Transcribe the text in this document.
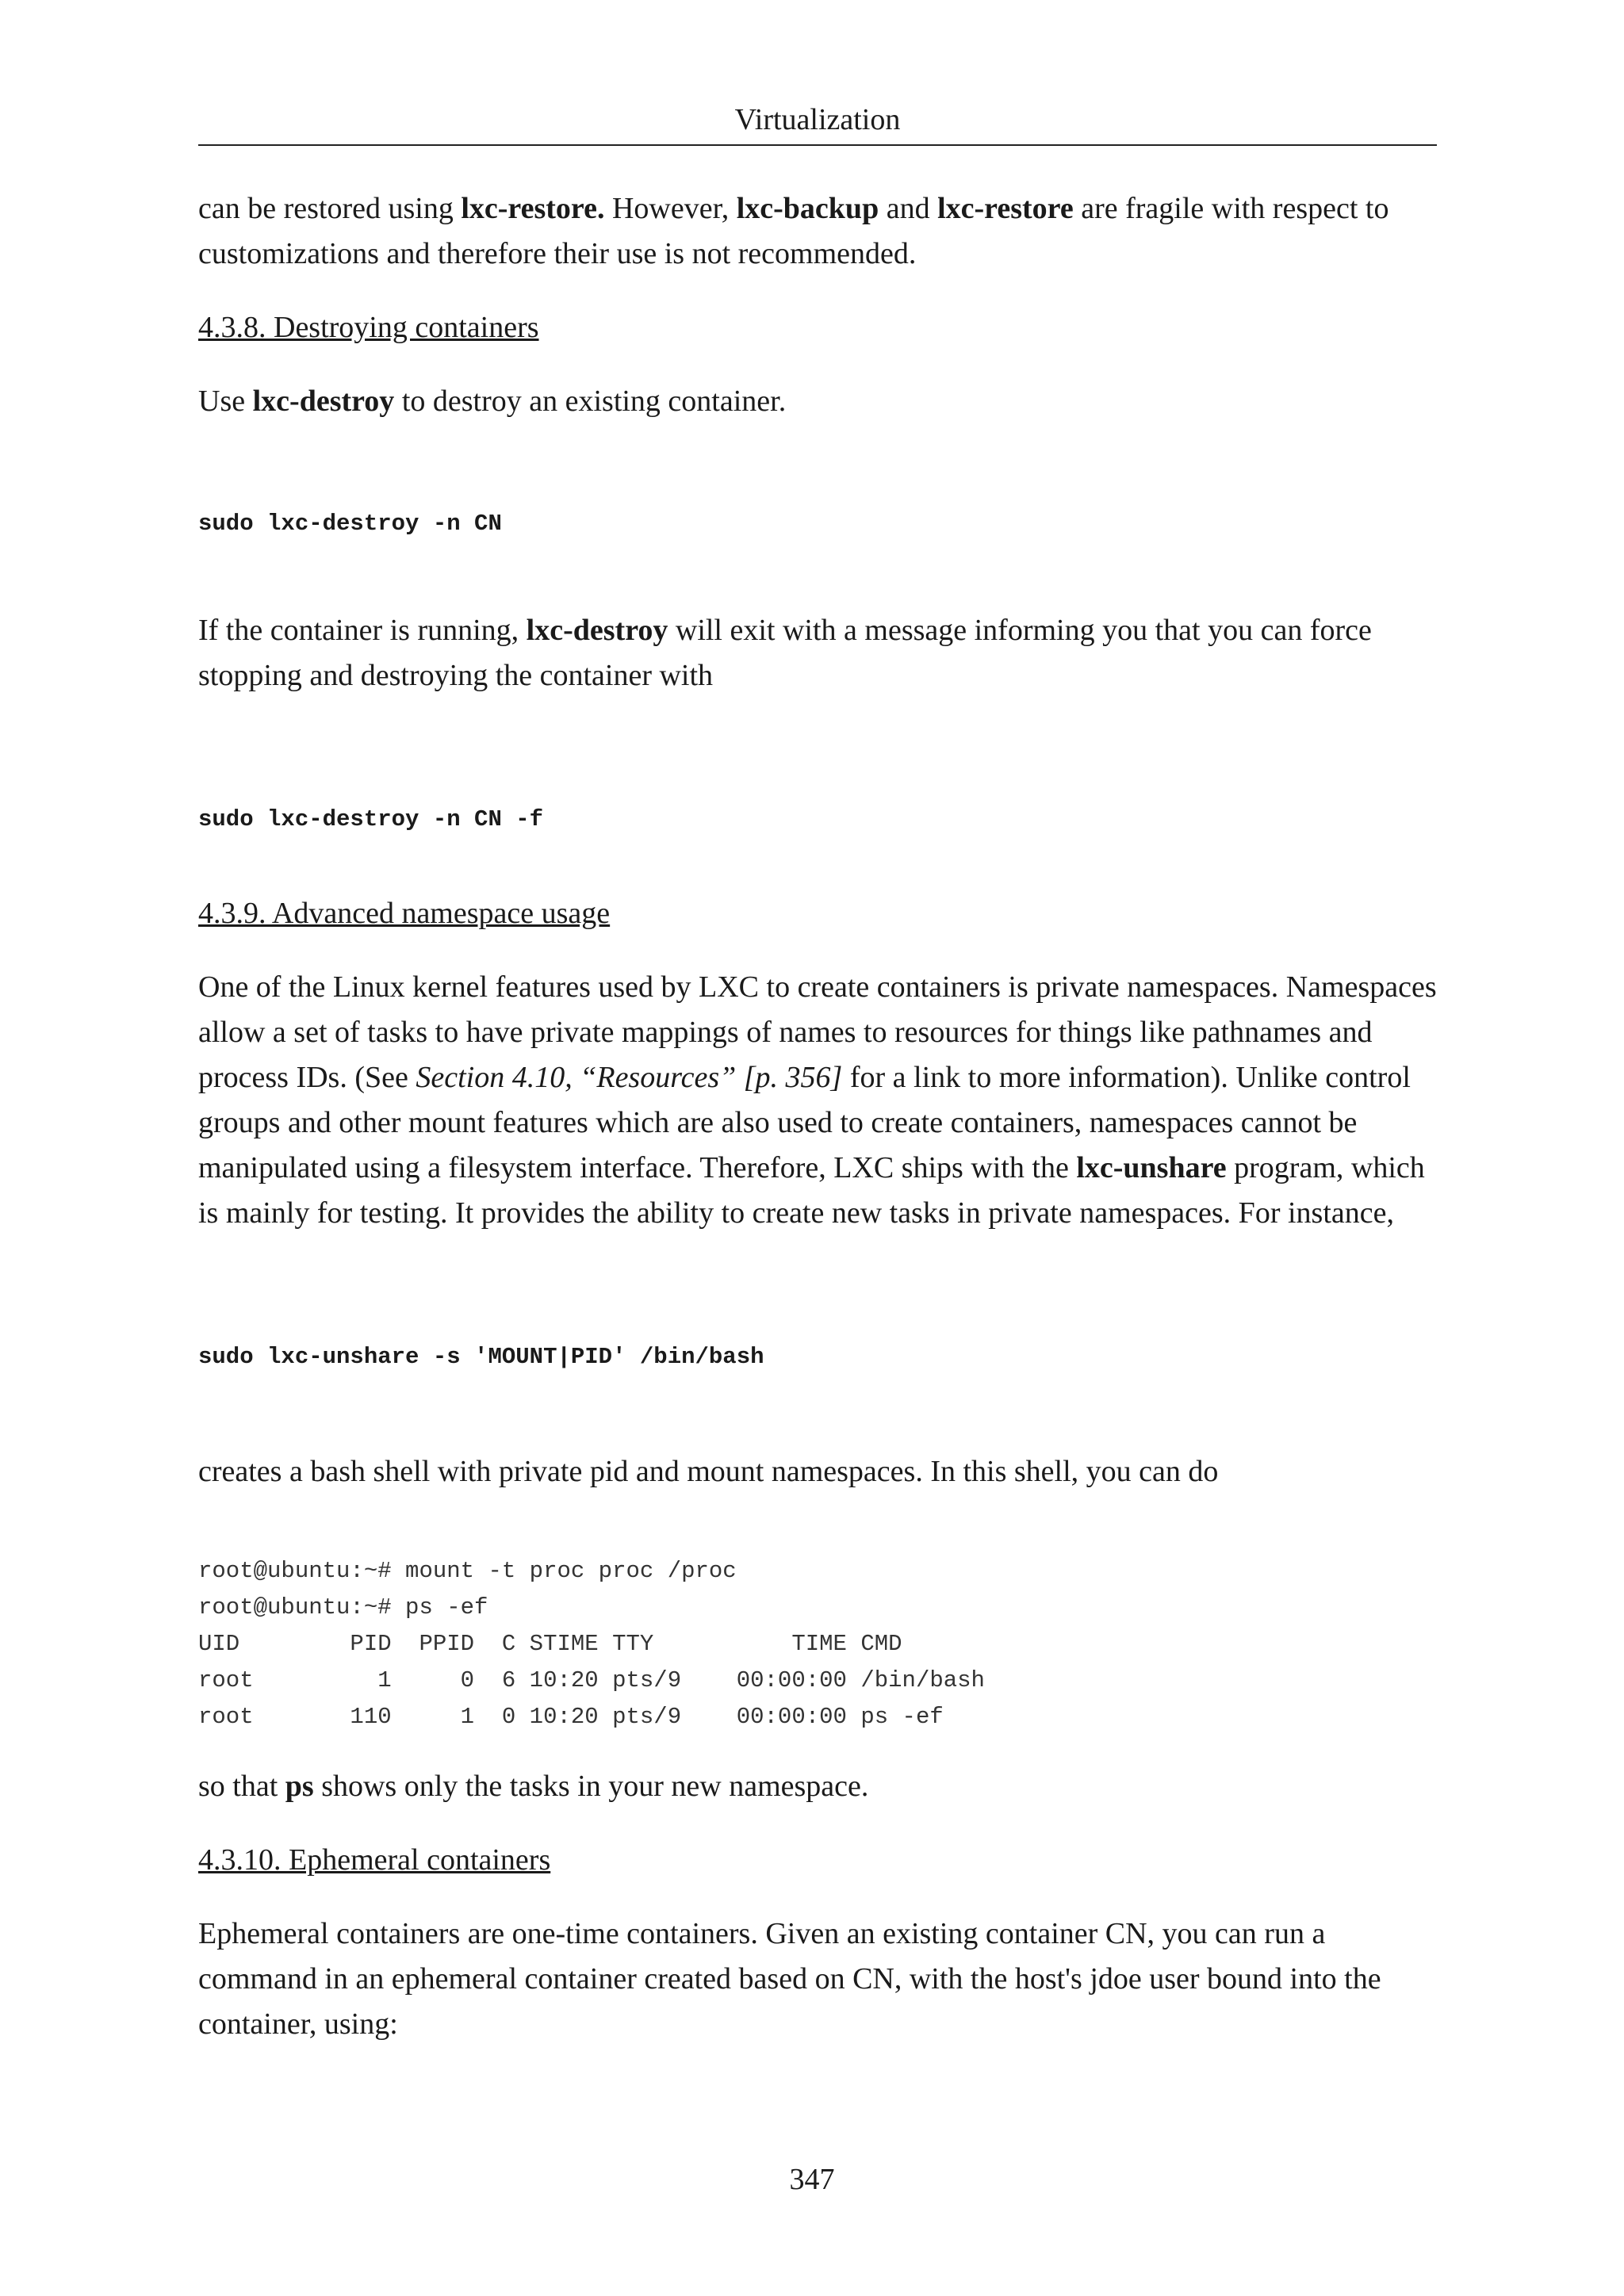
Virtualization

can be restored using lxc-restore. However, lxc-backup and lxc-restore are fragile with respect to customizations and therefore their use is not recommended.

4.3.8. Destroying containers

Use lxc-destroy to destroy an existing container.

sudo lxc-destroy -n CN

If the container is running, lxc-destroy will exit with a message informing you that you can force stopping and destroying the container with

sudo lxc-destroy -n CN -f

4.3.9. Advanced namespace usage

One of the Linux kernel features used by LXC to create containers is private namespaces. Namespaces allow a set of tasks to have private mappings of names to resources for things like pathnames and process IDs. (See Section 4.10, “Resources” [p. 356] for a link to more information). Unlike control groups and other mount features which are also used to create containers, namespaces cannot be manipulated using a filesystem interface. Therefore, LXC ships with the lxc-unshare program, which is mainly for testing. It provides the ability to create new tasks in private namespaces. For instance,

sudo lxc-unshare -s 'MOUNT|PID' /bin/bash

creates a bash shell with private pid and mount namespaces. In this shell, you can do

root@ubuntu:~# mount -t proc proc /proc

root@ubuntu:~# ps -ef

UID        PID  PPID  C STIME TTY          TIME CMD

root         1     0  6 10:20 pts/9    00:00:00 /bin/bash

root       110     1  0 10:20 pts/9    00:00:00 ps -ef

so that ps shows only the tasks in your new namespace.

4.3.10. Ephemeral containers

Ephemeral containers are one-time containers. Given an existing container CN, you can run a command in an ephemeral container created based on CN, with the host's jdoe user bound into the container, using:

347
